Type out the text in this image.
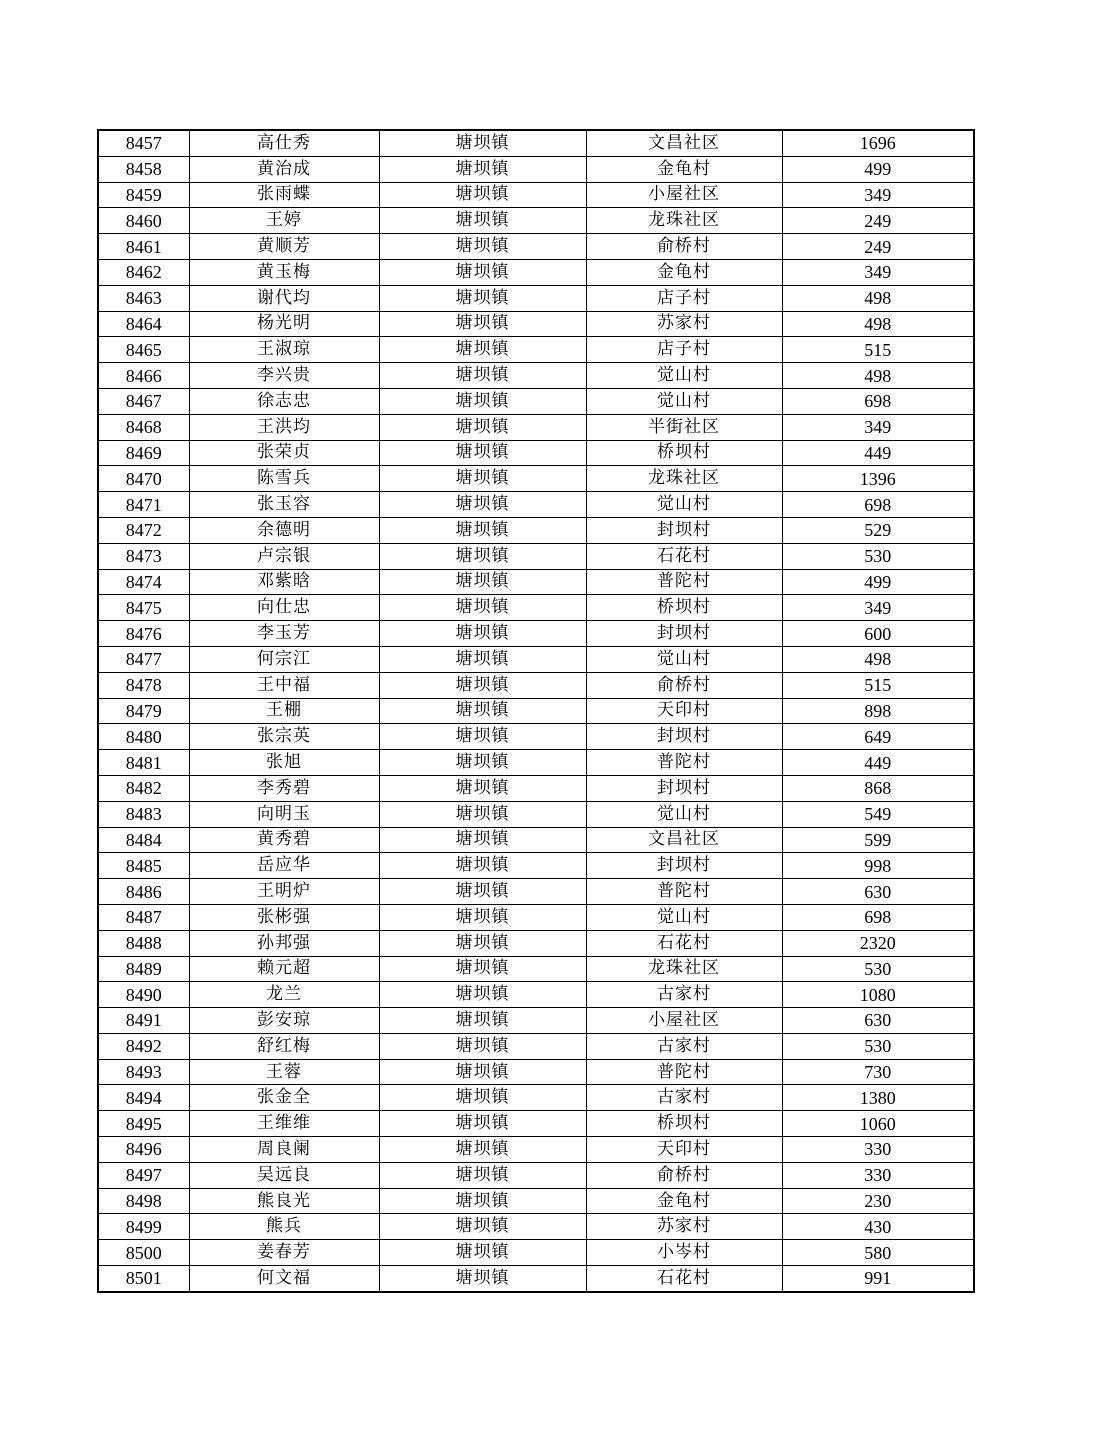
8457	高仕秀	塘坝镇	文昌社区	1696
8458	黄治成	塘坝镇	金龟村	499
8459	张雨蝶	塘坝镇	小屋社区	349
8460	王婷	塘坝镇	龙珠社区	249
8461	黄顺芳	塘坝镇	俞桥村	249
8462	黄玉梅	塘坝镇	金龟村	349
8463	谢代均	塘坝镇	店子村	498
8464	杨光明	塘坝镇	苏家村	498
8465	王淑琼	塘坝镇	店子村	515
8466	李兴贵	塘坝镇	觉山村	498
8467	徐志忠	塘坝镇	觉山村	698
8468	王洪均	塘坝镇	半街社区	349
8469	张荣贞	塘坝镇	桥坝村	449
8470	陈雪兵	塘坝镇	龙珠社区	1396
8471	张玉容	塘坝镇	觉山村	698
8472	余德明	塘坝镇	封坝村	529
8473	卢宗银	塘坝镇	石花村	530
8474	邓紫晗	塘坝镇	普陀村	499
8475	向仕忠	塘坝镇	桥坝村	349
8476	李玉芳	塘坝镇	封坝村	600
8477	何宗江	塘坝镇	觉山村	498
8478	王中福	塘坝镇	俞桥村	515
8479	王棚	塘坝镇	天印村	898
8480	张宗英	塘坝镇	封坝村	649
8481	张旭	塘坝镇	普陀村	449
8482	李秀碧	塘坝镇	封坝村	868
8483	向明玉	塘坝镇	觉山村	549
8484	黄秀碧	塘坝镇	文昌社区	599
8485	岳应华	塘坝镇	封坝村	998
8486	王明炉	塘坝镇	普陀村	630
8487	张彬强	塘坝镇	觉山村	698
8488	孙邦强	塘坝镇	石花村	2320
8489	赖元超	塘坝镇	龙珠社区	530
8490	龙兰	塘坝镇	古家村	1080
8491	彭安琼	塘坝镇	小屋社区	630
8492	舒红梅	塘坝镇	古家村	530
8493	王蓉	塘坝镇	普陀村	730
8494	张金全	塘坝镇	古家村	1380
8495	王维维	塘坝镇	桥坝村	1060
8496	周良阑	塘坝镇	天印村	330
8497	吴远良	塘坝镇	俞桥村	330
8498	熊良光	塘坝镇	金龟村	230
8499	熊兵	塘坝镇	苏家村	430
8500	姜春芳	塘坝镇	小岑村	580
8501	何文福	塘坝镇	石花村	991
